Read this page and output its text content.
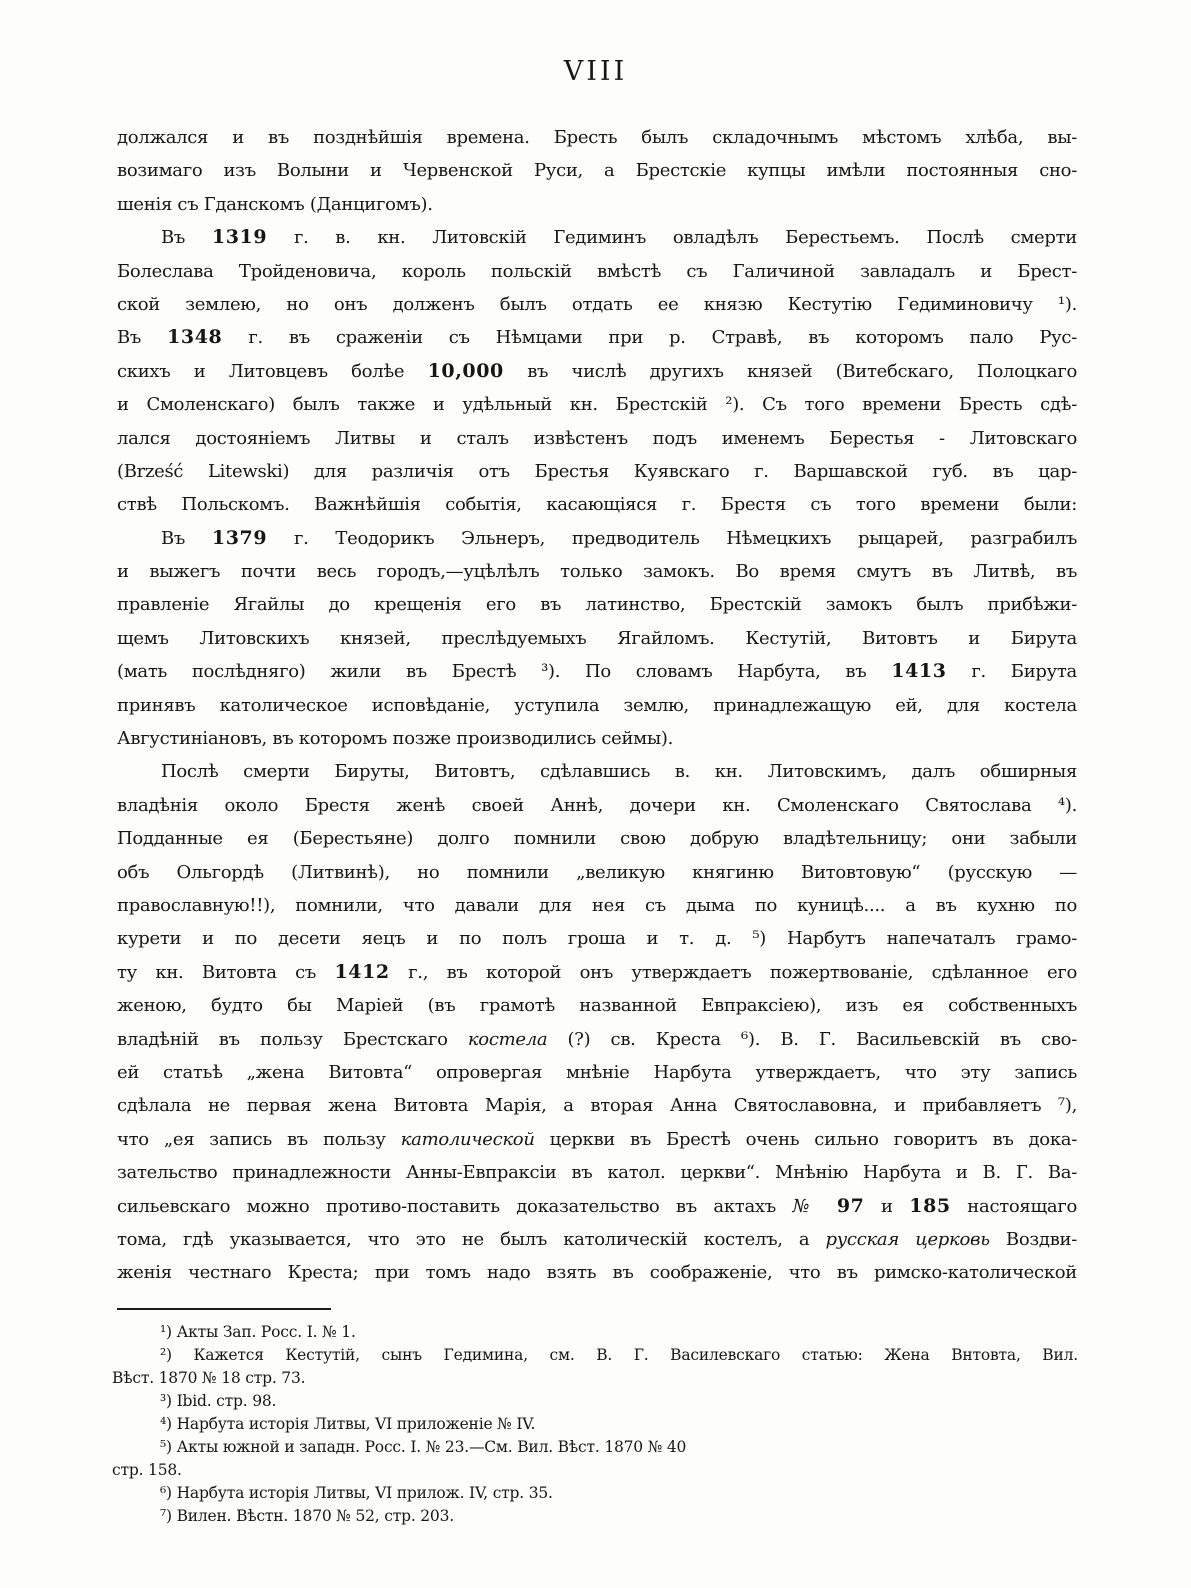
VIII
должался и въ позднѣйшія времена. Бресть былъ складочнымъ мѣстомъ хлѣба, вы-
возимаго изъ Волыни и Червенской Руси, а Брестскіе купцы имѣли постоянныя сно-
шенія съ Гданскомъ (Данцигомъ).
Въ 1319 г. в. кн. Литовскій Гедиминъ овладѣлъ Берестьемъ. Послѣ смерти
Болеслава Тройденовича, король польскій вмѣстѣ съ Галичиной завладалъ и Брест-
ской землею, но онъ долженъ былъ отдать ее князю Кестутію Гедиминовичу ¹).
Въ 1348 г. въ сраженіи съ Нѣмцами при р. Стравѣ, въ которомъ пало Рус-
скихъ и Литовцевъ болѣе 10,000 въ числѣ другихъ князей (Витебскаго, Полоцкаго
и Смоленскаго) былъ также и удѣльный кн. Брестскій ²). Съ того времени Бресть сдѣ-
лался достояніемъ Литвы и сталъ извѣстенъ подъ именемъ Берестья - Литовскаго
(Brześć Litewski) для различія отъ Брестья Куявскаго г. Варшавской губ. въ цар-
ствѣ Польскомъ. Важнѣйшія событія, касающіяся г. Брестя съ того времени были:
Въ 1379 г. Теодорикъ Эльнеръ, предводитель Нѣмецкихъ рыцарей, разграбилъ
и выжегъ почти весь городъ,—уцѣлѣлъ только замокъ. Во время смутъ въ Литвѣ, въ
правленіе Ягайлы до крещенія его въ латинство, Брестскій замокъ былъ прибѣжи-
щемъ Литовскихъ князей, преслѣдуемыхъ Ягайломъ. Кестутій, Витовтъ и Бирута
(мать послѣдняго) жили въ Брестѣ ³). По словамъ Нарбута, въ 1413 г. Бирута
принявъ католическое исповѣданіе, уступила землю, принадлежащую ей, для костела
Августиніановъ, въ которомъ позже производились сеймы).
Послѣ смерти Бируты, Витовтъ, сдѣлавшись в. кн. Литовскимъ, далъ обширныя
владѣнія около Брестя женѣ своей Аннѣ, дочери кн. Смоленскаго Святослава ⁴).
Подданные ея (Берестьяне) долго помнили свою добрую владѣтельницу; они забыли
объ Ольгордѣ (Литвинѣ), но помнили „великую княгиню Витовтовую“ (русскую —
православную!!), помнили, что давали для нея съ дыма по куницѣ.... а въ кухню по
курети и по десети яецъ и по полъ гроша и т. д. ⁵) Нарбутъ напечаталъ грамо-
ту кн. Витовта съ 1412 г., въ которой онъ утверждаетъ пожертвованіе, сдѣланное его
женою, будто бы Маріей (въ грамотѣ названной Евпраксіею), изъ ея собственныхъ
владѣній въ пользу Брестскаго костела (?) св. Креста ⁶). В. Г. Васильевскій въ сво-
ей статьѣ „жена Витовта“ опровергая мнѣніе Нарбута утверждаетъ, что эту запись
сдѣлала не первая жена Витовта Марія, а вторая Анна Святославовна, и прибавляетъ ⁷),
что „ея запись въ пользу католической церкви въ Брестѣ очень сильно говоритъ въ дока-
зательство принадлежности Анны-Евпраксіи въ катол. церкви“. Мнѣнію Нарбута и В. Г. Ва-
сильевскаго можно противо-поставить доказательство въ актахъ № 97 и 185 настоящаго
тома, гдѣ указывается, что это не былъ католическій костелъ, а русская церковь Воздви-
женія честнаго Креста; при томъ надо взять въ соображеніе, что въ римско-католической
¹) Акты Зап. Росс. I. № 1.
²) Кажется Кестутій, сынъ Гедимина, см. В. Г. Василевскаго статью: Жена Внтовта, Вил.
Вѣст. 1870 № 18 стр. 73.
³) Ibid. стр. 98.
⁴) Нарбута исторія Литвы, VI приложеніе № IV.
⁵) Акты южной и западн. Росс. I. № 23.—См. Вил. Вѣст. 1870 № 40
стр. 158.
⁶) Нарбута исторія Литвы, VI прилож. IV, стр. 35.
⁷) Вилен. Вѣстн. 1870 № 52, стр. 203.
